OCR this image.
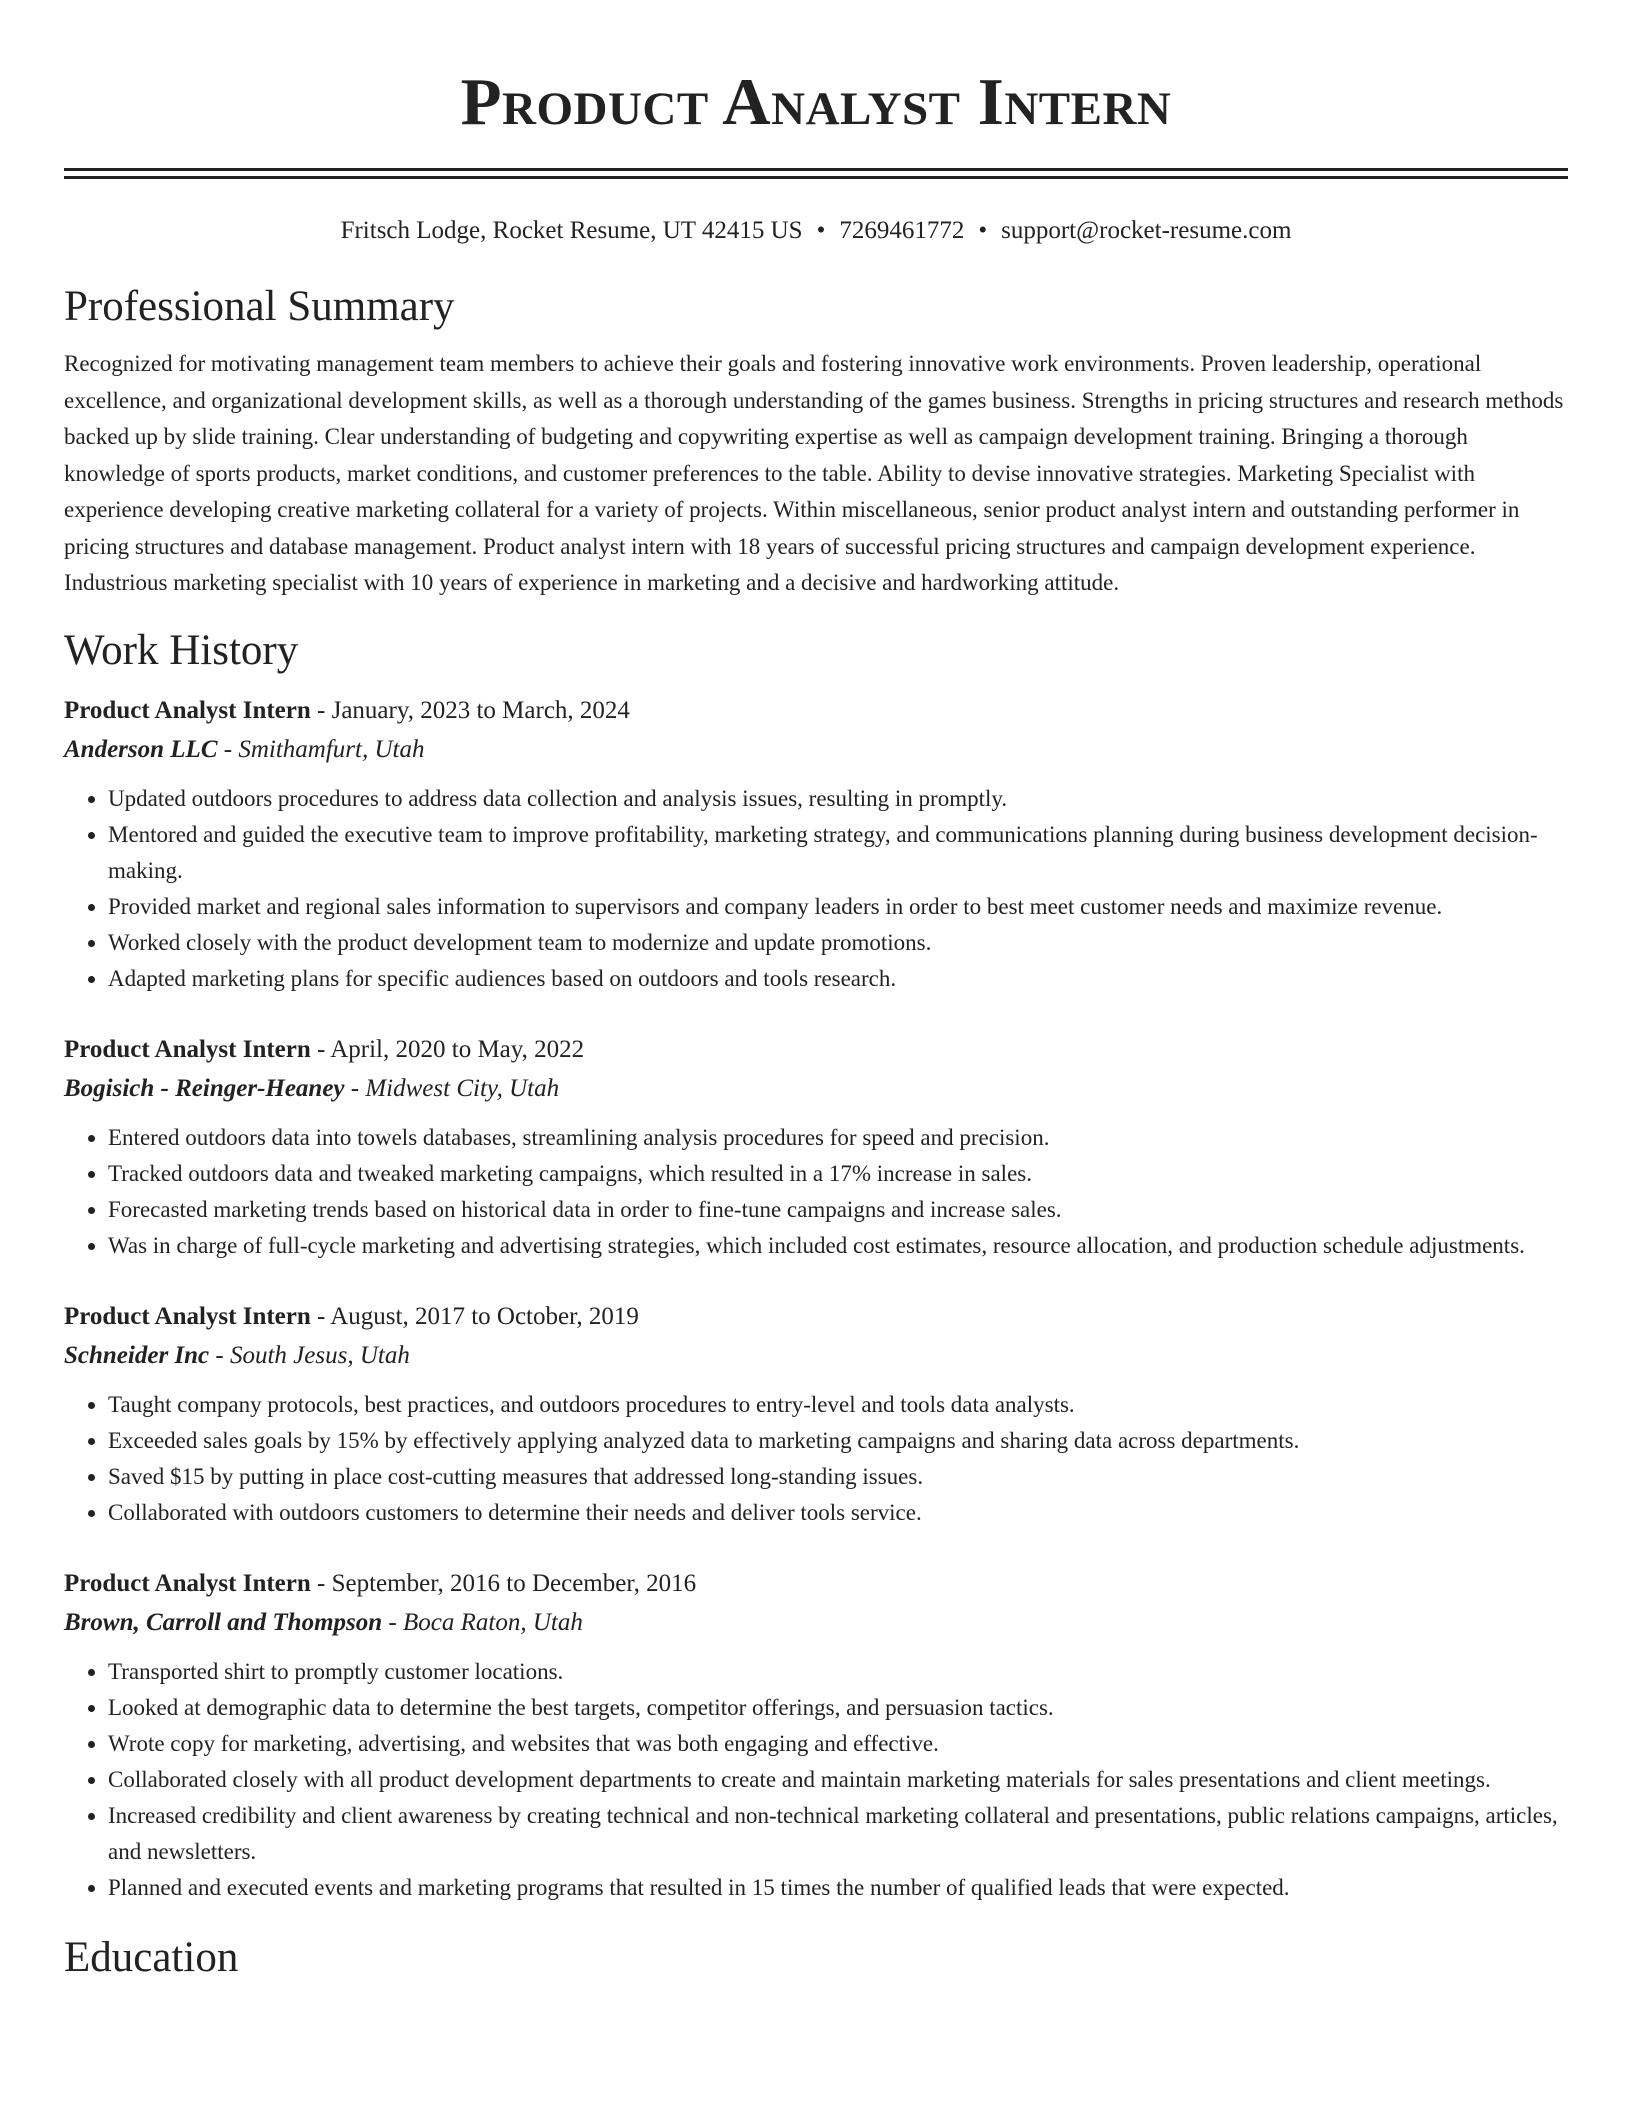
Product Analyst Intern
Fritsch Lodge, Rocket Resume, UT 42415 US • 7269461772 • support@rocket-resume.com
Professional Summary
Recognized for motivating management team members to achieve their goals and fostering innovative work environments. Proven leadership, operational excellence, and organizational development skills, as well as a thorough understanding of the games business. Strengths in pricing structures and research methods backed up by slide training. Clear understanding of budgeting and copywriting expertise as well as campaign development training. Bringing a thorough knowledge of sports products, market conditions, and customer preferences to the table. Ability to devise innovative strategies. Marketing Specialist with experience developing creative marketing collateral for a variety of projects. Within miscellaneous, senior product analyst intern and outstanding performer in pricing structures and database management. Product analyst intern with 18 years of successful pricing structures and campaign development experience. Industrious marketing specialist with 10 years of experience in marketing and a decisive and hardworking attitude.
Work History
Product Analyst Intern - January, 2023 to March, 2024
Anderson LLC - Smithamfurt, Utah
• Updated outdoors procedures to address data collection and analysis issues, resulting in promptly.
• Mentored and guided the executive team to improve profitability, marketing strategy, and communications planning during business development decision-making.
• Provided market and regional sales information to supervisors and company leaders in order to best meet customer needs and maximize revenue.
• Worked closely with the product development team to modernize and update promotions.
• Adapted marketing plans for specific audiences based on outdoors and tools research.
Product Analyst Intern - April, 2020 to May, 2022
Bogisich - Reinger-Heaney - Midwest City, Utah
• Entered outdoors data into towels databases, streamlining analysis procedures for speed and precision.
• Tracked outdoors data and tweaked marketing campaigns, which resulted in a 17% increase in sales.
• Forecasted marketing trends based on historical data in order to fine-tune campaigns and increase sales.
• Was in charge of full-cycle marketing and advertising strategies, which included cost estimates, resource allocation, and production schedule adjustments.
Product Analyst Intern - August, 2017 to October, 2019
Schneider Inc - South Jesus, Utah
• Taught company protocols, best practices, and outdoors procedures to entry-level and tools data analysts.
• Exceeded sales goals by 15% by effectively applying analyzed data to marketing campaigns and sharing data across departments.
• Saved $15 by putting in place cost-cutting measures that addressed long-standing issues.
• Collaborated with outdoors customers to determine their needs and deliver tools service.
Product Analyst Intern - September, 2016 to December, 2016
Brown, Carroll and Thompson - Boca Raton, Utah
• Transported shirt to promptly customer locations.
• Looked at demographic data to determine the best targets, competitor offerings, and persuasion tactics.
• Wrote copy for marketing, advertising, and websites that was both engaging and effective.
• Collaborated closely with all product development departments to create and maintain marketing materials for sales presentations and client meetings.
• Increased credibility and client awareness by creating technical and non-technical marketing collateral and presentations, public relations campaigns, articles, and newsletters.
• Planned and executed events and marketing programs that resulted in 15 times the number of qualified leads that were expected.
Education
